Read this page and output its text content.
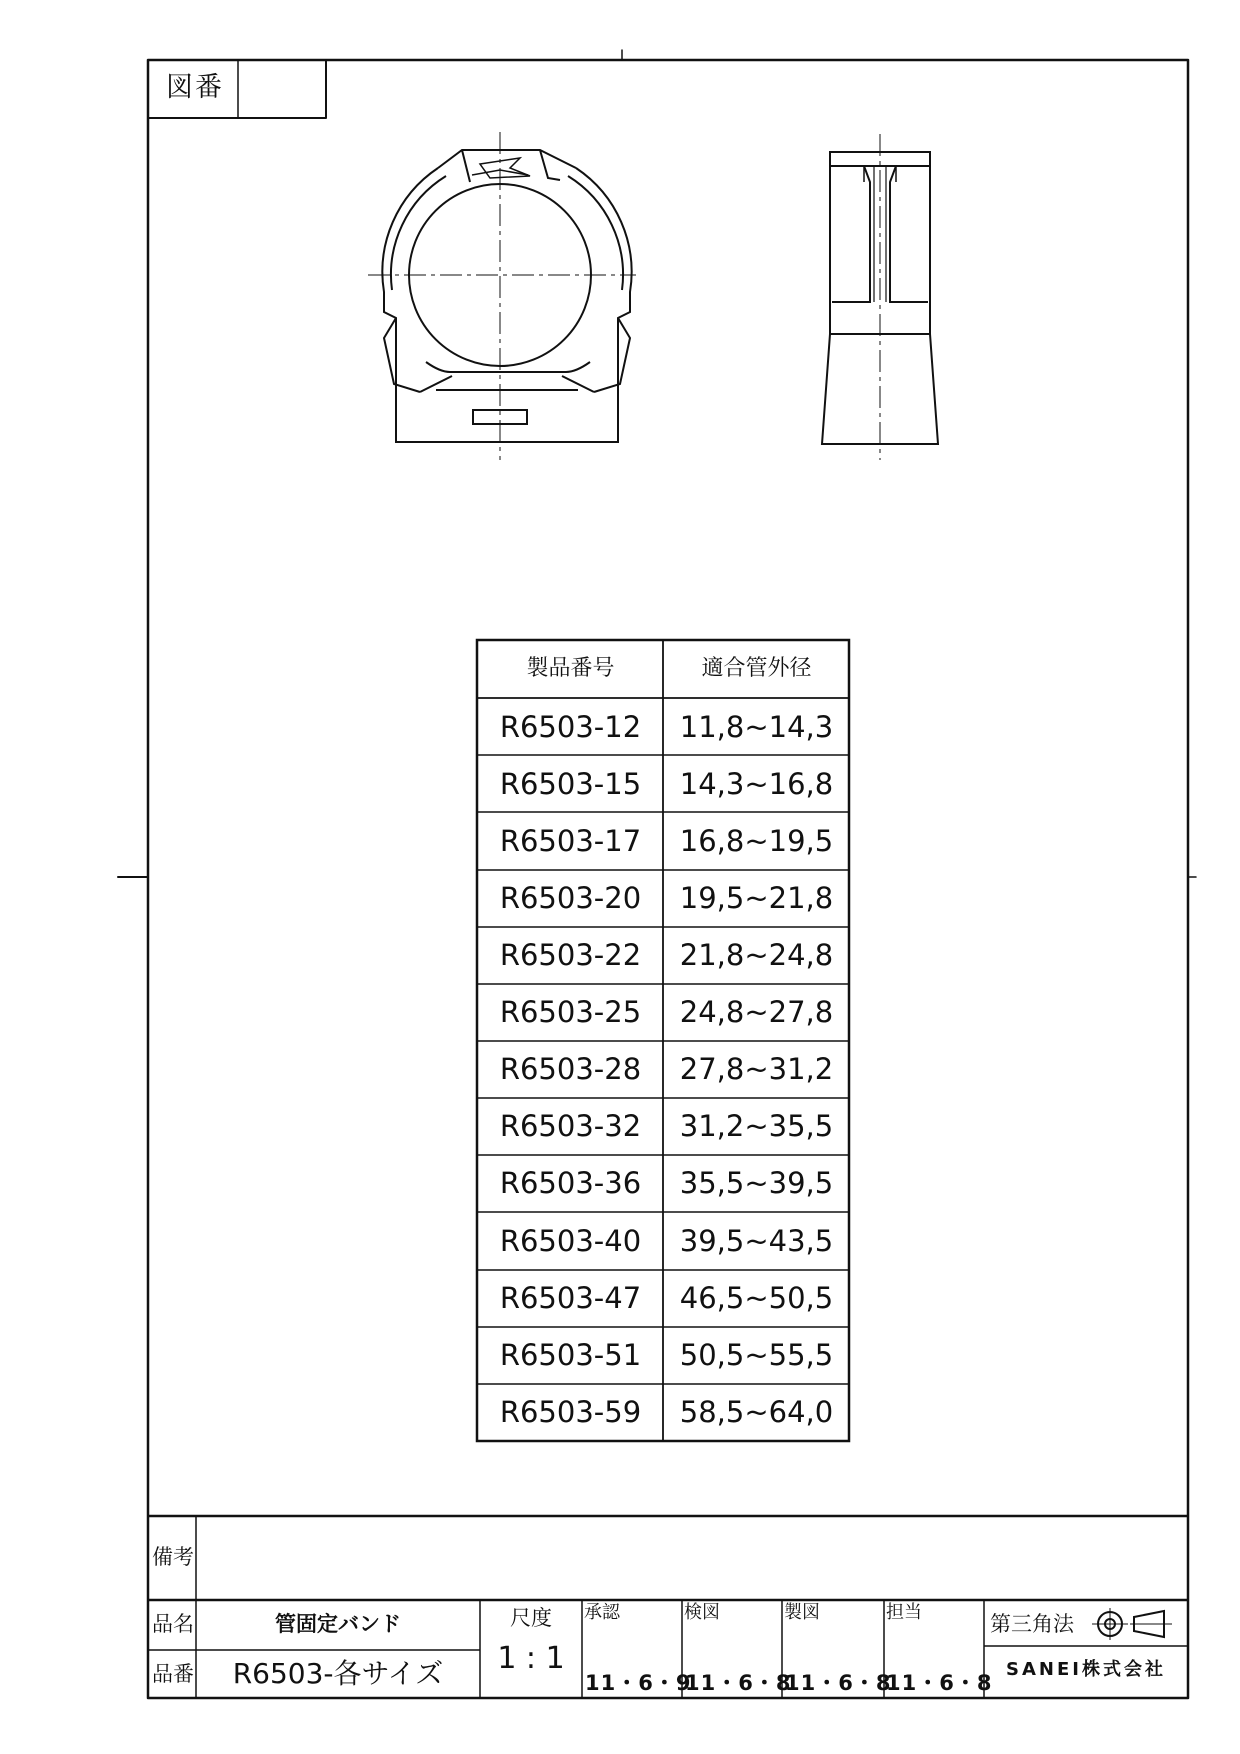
図番
製品番号	適合管外径
R6503-12	11,8~14,3
R6503-15	14,3~16,8
R6503-17	16,8~19,5
R6503-20	19,5~21,8
R6503-22	21,8~24,8
R6503-25	24,8~27,8
R6503-28	27,8~31,2
R6503-32	31,2~35,5
R6503-36	35,5~39,5
R6503-40	39,5~43,5
R6503-47	46,5~50,5
R6503-51	50,5~55,5
R6503-59	58,5~64,0
備考
品名	管固定バンド
品番	R6503-各サイズ
尺度
1 : 1
承認
11・6・9
検図
11・6・8
製図
11・6・8
担当
11・6・8
第三角法
SANEI株式会社
